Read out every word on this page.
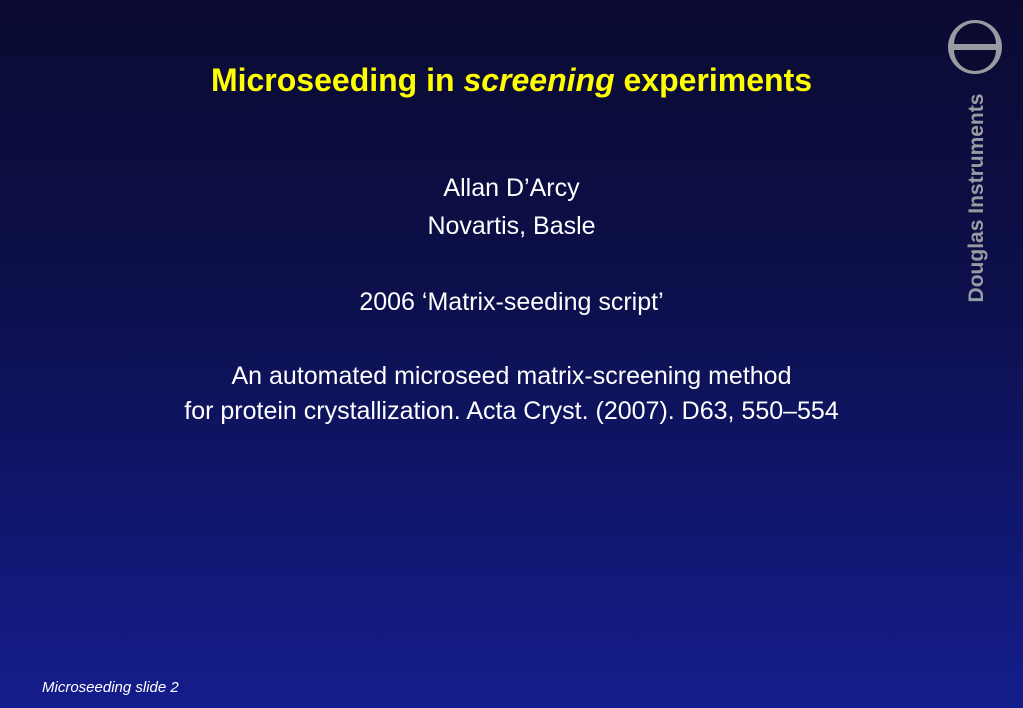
Microseeding in screening experiments
Allan D’Arcy
Novartis, Basle
2006 ‘Matrix-seeding script’
An automated microseed matrix-screening method
for protein crystallization. Acta Cryst. (2007). D63, 550–554
Douglas Instruments
Microseeding slide 2
